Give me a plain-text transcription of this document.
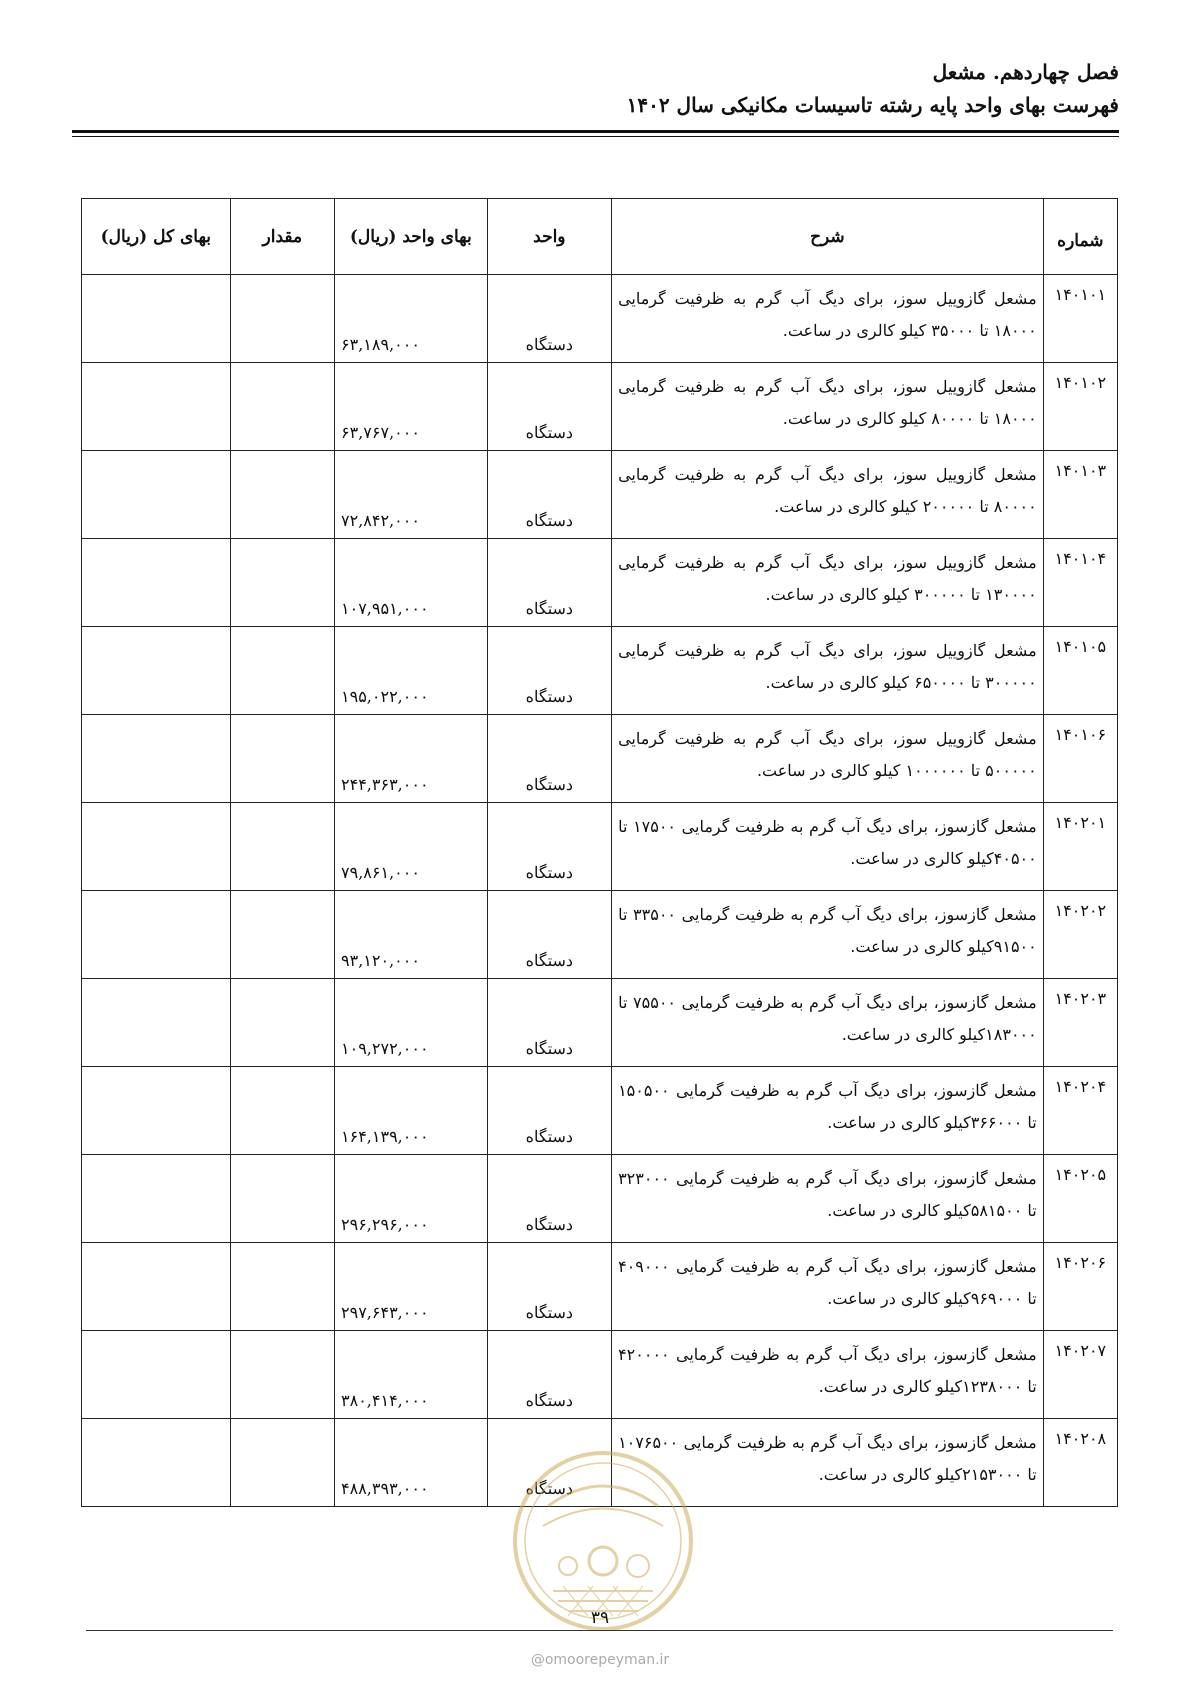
فصل چهاردهم. مشعل
فهرست بهای واحد پایه رشته تاسیسات مکانیکی سال ۱۴۰۲
شماره	شرح	واحد	بهای واحد (ریال)	مقدار	بهای کل (ریال)
۱۴۰۱۰۱	مشعل گازوییل سوز، برای دیگ آب گرم به ظرفیت گرمایی ۱۸۰۰۰ تا ۳۵۰۰۰ کیلو کالری در ساعت.	دستگاه	۶۳,۱۸۹,۰۰۰		
۱۴۰۱۰۲	مشعل گازوییل سوز، برای دیگ آب گرم به ظرفیت گرمایی ۱۸۰۰۰ تا ۸۰۰۰۰ کیلو کالری در ساعت.	دستگاه	۶۳,۷۶۷,۰۰۰		
۱۴۰۱۰۳	مشعل گازوییل سوز، برای دیگ آب گرم به ظرفیت گرمایی ۸۰۰۰۰ تا ۲۰۰۰۰۰ کیلو کالری در ساعت.	دستگاه	۷۲,۸۴۲,۰۰۰		
۱۴۰۱۰۴	مشعل گازوییل سوز، برای دیگ آب گرم به ظرفیت گرمایی ۱۳۰۰۰۰ تا ۳۰۰۰۰۰ کیلو کالری در ساعت.	دستگاه	۱۰۷,۹۵۱,۰۰۰		
۱۴۰۱۰۵	مشعل گازوییل سوز، برای دیگ آب گرم به ظرفیت گرمایی ۳۰۰۰۰۰ تا ۶۵۰۰۰۰ کیلو کالری در ساعت.	دستگاه	۱۹۵,۰۲۲,۰۰۰		
۱۴۰۱۰۶	مشعل گازوییل سوز، برای دیگ آب گرم به ظرفیت گرمایی ۵۰۰۰۰۰ تا ۱۰۰۰۰۰۰ کیلو کالری در ساعت.	دستگاه	۲۴۴,۳۶۳,۰۰۰		
۱۴۰۲۰۱	مشعل گازسوز، برای دیگ آب گرم به ظرفیت گرمایی ۱۷۵۰۰ تا ۴۰۵۰۰کیلو کالری در ساعت.	دستگاه	۷۹,۸۶۱,۰۰۰		
۱۴۰۲۰۲	مشعل گازسوز، برای دیگ آب گرم به ظرفیت گرمایی ۳۳۵۰۰ تا ۹۱۵۰۰کیلو کالری در ساعت.	دستگاه	۹۳,۱۲۰,۰۰۰		
۱۴۰۲۰۳	مشعل گازسوز، برای دیگ آب گرم به ظرفیت گرمایی ۷۵۵۰۰ تا ۱۸۳۰۰۰کیلو کالری در ساعت.	دستگاه	۱۰۹,۲۷۲,۰۰۰		
۱۴۰۲۰۴	مشعل گازسوز، برای دیگ آب گرم به ظرفیت گرمایی ۱۵۰۵۰۰ تا ۳۶۶۰۰۰کیلو کالری در ساعت.	دستگاه	۱۶۴,۱۳۹,۰۰۰		
۱۴۰۲۰۵	مشعل گازسوز، برای دیگ آب گرم به ظرفیت گرمایی ۳۲۳۰۰۰ تا ۵۸۱۵۰۰کیلو کالری در ساعت.	دستگاه	۲۹۶,۲۹۶,۰۰۰		
۱۴۰۲۰۶	مشعل گازسوز، برای دیگ آب گرم به ظرفیت گرمایی ۴۰۹۰۰۰ تا ۹۶۹۰۰۰کیلو کالری در ساعت.	دستگاه	۲۹۷,۶۴۳,۰۰۰		
۱۴۰۲۰۷	مشعل گازسوز، برای دیگ آب گرم به ظرفیت گرمایی ۴۲۰۰۰۰ تا ۱۲۳۸۰۰۰کیلو کالری در ساعت.	دستگاه	۳۸۰,۴۱۴,۰۰۰		
۱۴۰۲۰۸	مشعل گازسوز، برای دیگ آب گرم به ظرفیت گرمایی ۱۰۷۶۵۰۰ تا ۲۱۵۳۰۰۰کیلو کالری در ساعت.	دستگاه	۴۸۸,۳۹۳,۰۰۰		
۳۹
@omoorepeyman.ir
